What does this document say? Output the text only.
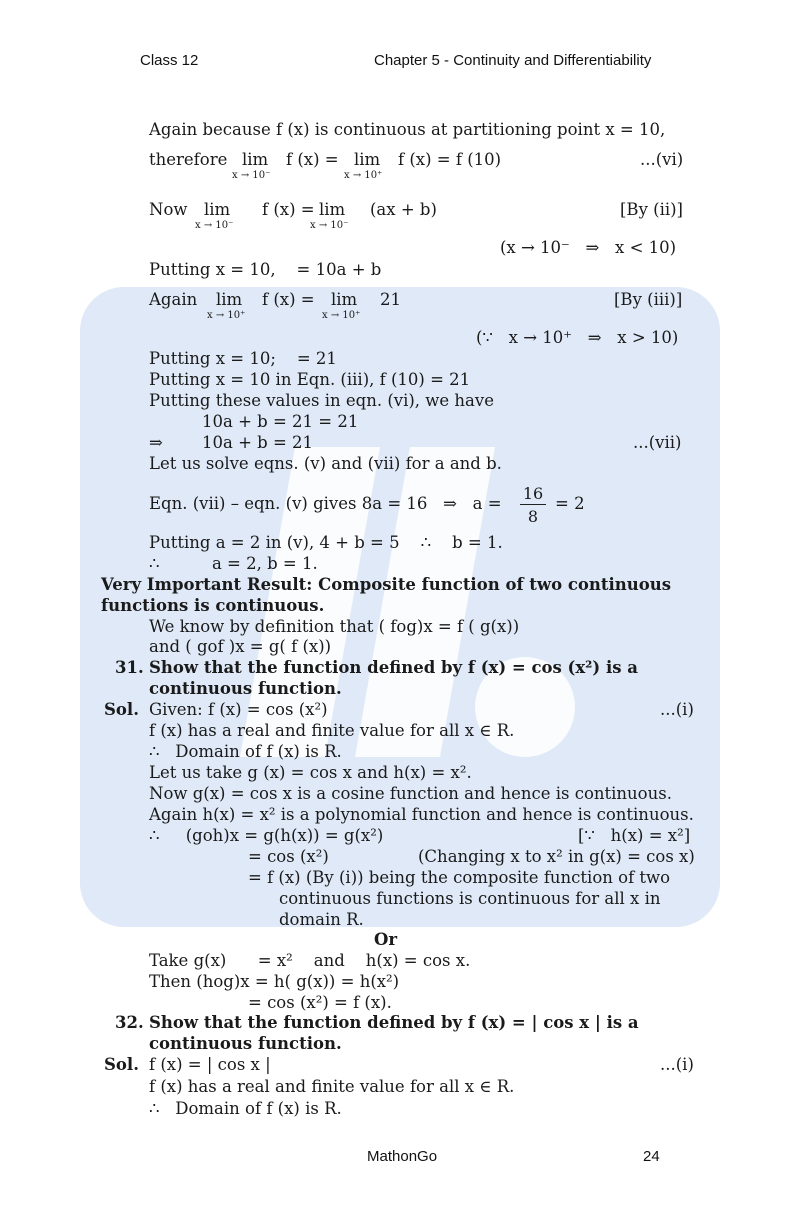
Class 12	Chapter 5 - Continuity and Differentiability
Again because f (x) is continuous at partitioning point x = 10,
therefore lim
x → 10⁻
f (x) = lim
x → 10⁺
f (x) = f (10)	...(vi)
Now lim
x → 10⁻
f (x) = lim
x → 10⁻
(ax + b)	[By (ii)]
(x → 10⁻   ⇒   x < 10)
Putting x = 10,    = 10a + b
Again lim
x → 10⁺
f (x) = lim
x → 10⁺
21	[By (iii)]
(∵   x → 10⁺   ⇒   x > 10)
Putting x = 10;    = 21
Putting x = 10 in Eqn. (iii), f (10) = 21
Putting these values in eqn. (vi), we have
10a + b = 21 = 21
⇒ 10a + b = 21	...(vii)
Let us solve eqns. (v) and (vii) for a and b.
Eqn. (vii) – eqn. (v) gives 8a = 16   ⇒   a =
16
8
= 2
Putting a = 2 in (v), 4 + b = 5    ∴    b = 1.
∴          a = 2, b = 1.
Very Important Result: Composite function of two continuous
functions is continuous.
We know by definition that ( fog)x = f ( g(x))
and ( gof )x = g( f (x))
31. Show that the function defined by f (x) = cos (x²) is a
continuous function.
Sol. Given: f (x) = cos (x²)	...(i)
f (x) has a real and finite value for all x ∈ R.
∴   Domain of f (x) is R.
Let us take g (x) = cos x and h(x) = x².
Now g(x) = cos x is a cosine function and hence is continuous.
Again h(x) = x² is a polynomial function and hence is continuous.
∴     (goh)x = g(h(x)) = g(x²)	[∵   h(x) = x²]
= cos (x²)	(Changing x to x² in g(x) = cos x)
= f (x) (By (i)) being the composite function of two
continuous functions is continuous for all x in
domain R.
Or
Take g(x)      = x²    and    h(x) = cos x.
Then (hog)x = h( g(x)) = h(x²)
= cos (x²) = f (x).
32. Show that the function defined by f (x) = | cos x | is a
continuous function.
Sol. f (x) = | cos x |	...(i)
f (x) has a real and finite value for all x ∈ R.
∴   Domain of f (x) is R.
MathonGo	24
